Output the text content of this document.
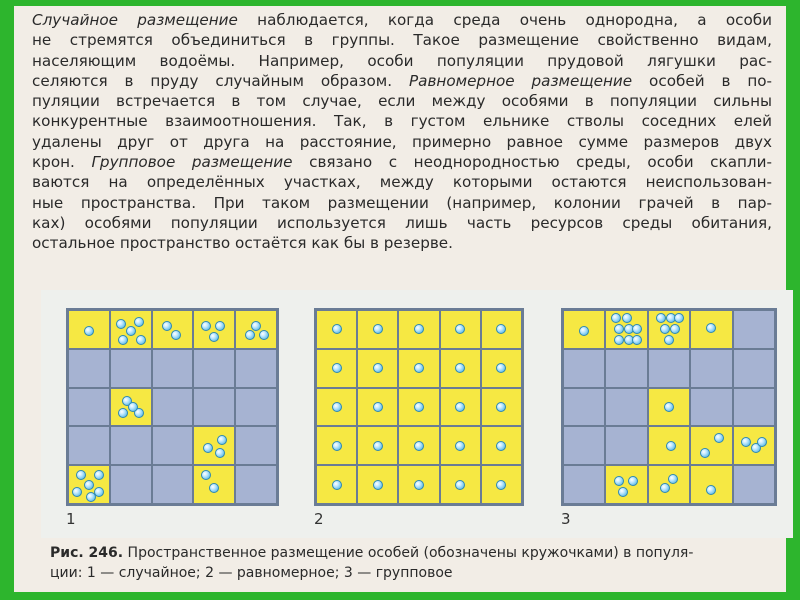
Случайное размещение наблюдается, когда среда очень однородна, а особи
не стремятся объединиться в группы. Такое размещение свойственно видам,
населяющим водоёмы. Например, особи популяции прудовой лягушки рас-
селяются в пруду случайным образом. Равномерное размещение особей в по-
пуляции встречается в том случае, если между особями в популяции сильны
конкурентные взаимоотношения. Так, в густом ельнике стволы соседних елей
удалены друг от друга на расстояние, примерно равное сумме размеров двух
крон. Групповое размещение связано с неоднородностью среды, особи скапли-
ваются на определённых участках, между которыми остаются неиспользован-
ные пространства. При таком размещении (например, колонии грачей в пар-
ках) особями популяции используется лишь часть ресурсов среды обитания,
остальное пространство остаётся как бы в резерве.
1	2	3
Рис. 246. Пространственное размещение особей (обозначены кружочками) в популя-
ции: 1 — случайное; 2 — равномерное; 3 — групповое
